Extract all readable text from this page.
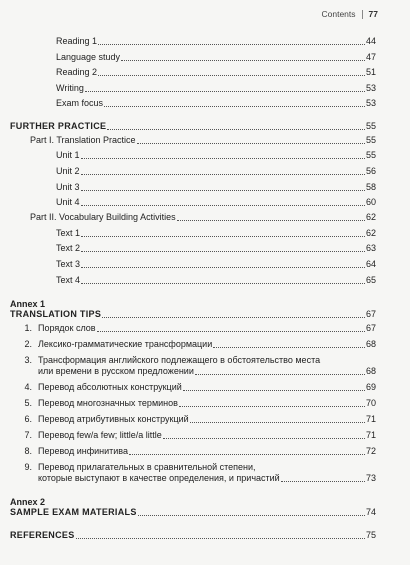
Contents 77
Reading 1	44
Language study	47
Reading 2	51
Writing	53
Exam focus	53
FURTHER PRACTICE	55
Part I. Translation Practice	55
Unit 1	55
Unit 2	56
Unit 3	58
Unit 4	60
Part II. Vocabulary Building Activities	62
Text 1	62
Text 2	63
Text 3	64
Text 4	65
Annex 1
TRANSLATION TIPS	67
1. Порядок слов	67
2. Лексико-грамматические трансформации	68
3. Трансформация английского подлежащего в обстоятельство места
или времени в русском предложении	68
4. Перевод абсолютных конструкций	69
5. Перевод многозначных терминов	70
6. Перевод атрибутивных конструкций	71
7. Перевод few/a few; little/a little	71
8. Перевод инфинитива	72
9. Перевод прилагательных в сравнительной степени,
которые выступают в качестве определения, и причастий	73
Annex 2
SAMPLE EXAM MATERIALS	74
REFERENCES	75
